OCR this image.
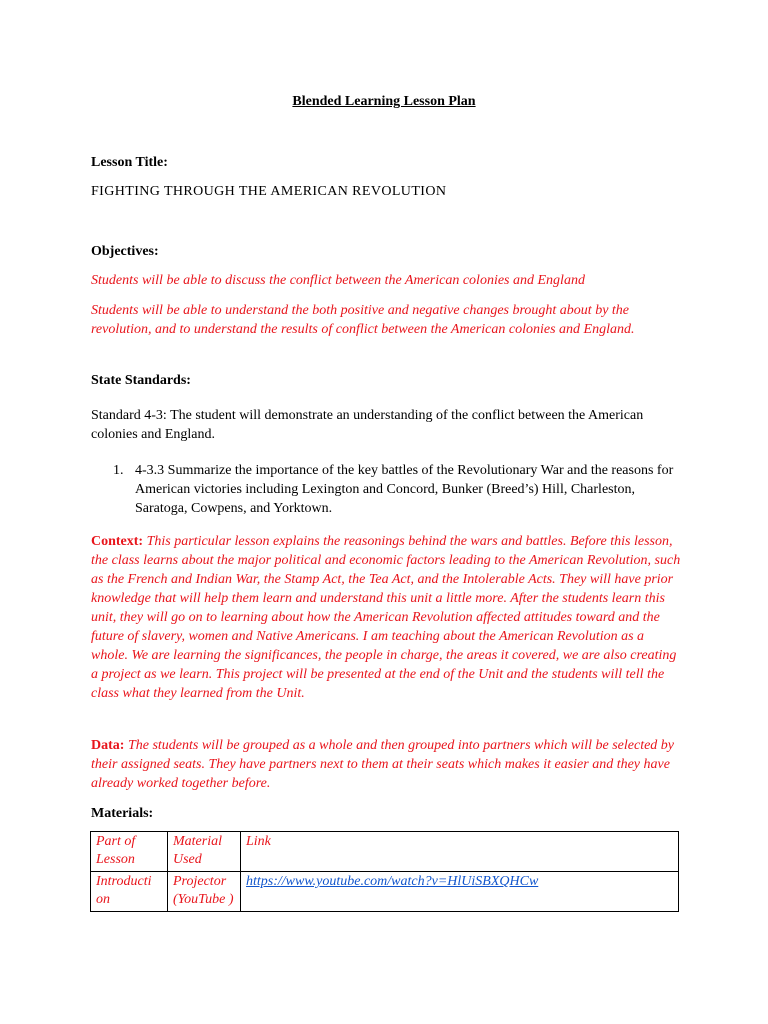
Blended Learning Lesson Plan
Lesson Title:
FIGHTING THROUGH THE AMERICAN REVOLUTION
Objectives:
Students will be able to discuss the conflict between the American colonies and England
Students will be able to understand the both positive and negative changes brought about by the revolution, and to understand the results of conflict between the American colonies and England.
State Standards:
Standard 4-3: The student will demonstrate an understanding of the conflict between the American colonies and England.
1. 4-3.3 Summarize the importance of the key battles of the Revolutionary War and the reasons for American victories including Lexington and Concord, Bunker (Breed’s) Hill, Charleston, Saratoga, Cowpens, and Yorktown.
Context: This particular lesson explains the reasonings behind the wars and battles. Before this lesson, the class learns about the major political and economic factors leading to the American Revolution, such as the French and Indian War, the Stamp Act, the Tea Act, and the Intolerable Acts. They will have prior knowledge that will help them learn and understand this unit a little more. After the students learn this unit, they will go on to learning about how the American Revolution affected attitudes toward and the future of slavery, women and Native Americans. I am teaching about the American Revolution as a whole. We are learning the significances, the people in charge, the areas it covered, we are also creating a project as we learn. This project will be presented at the end of the Unit and the students will tell the class what they learned from the Unit.
Data: The students will be grouped as a whole and then grouped into partners which will be selected by their assigned seats. They have partners next to them at their seats which makes it easier and they have already worked together before.
Materials:
Part of Lesson	Material Used	Link
Introducti on	Projector (YouTube )	https://www.youtube.com/watch?v=HlUiSBXQHCw
